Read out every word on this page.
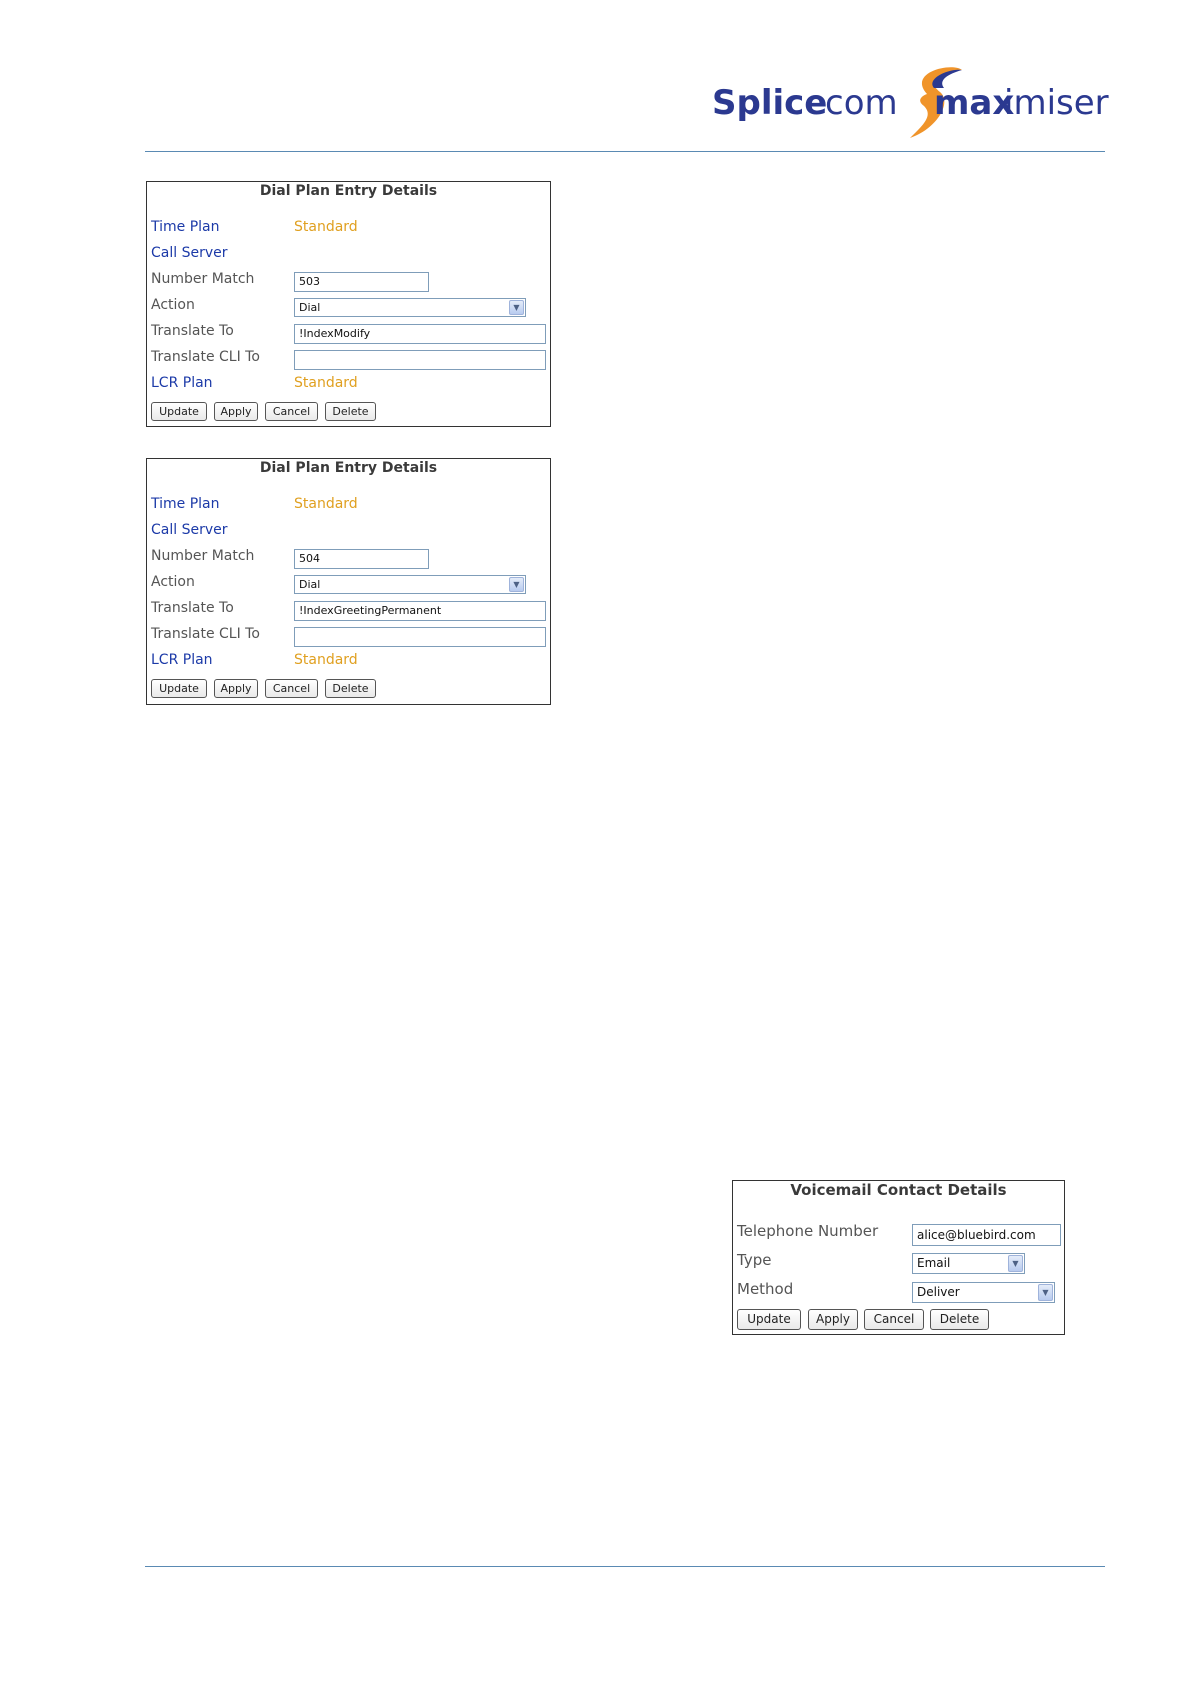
Splice
com max
imiser
Dial Plan Entry Details
Time Plan	Standard
Call Server
Number Match	503
Action	Dial	▼
Translate To	!IndexModify
Translate CLI To
LCR Plan	Standard
Update	Apply	Cancel	Delete
Dial Plan Entry Details
Time Plan	Standard
Call Server
Number Match	504
Action	Dial	▼
Translate To	!IndexGreetingPermanent
Translate CLI To
LCR Plan	Standard
Update	Apply	Cancel	Delete
Voicemail Contact Details
Telephone Number	alice@bluebird.com
Type	Email	▼
Method	Deliver	▼
Update	Apply	Cancel	Delete
